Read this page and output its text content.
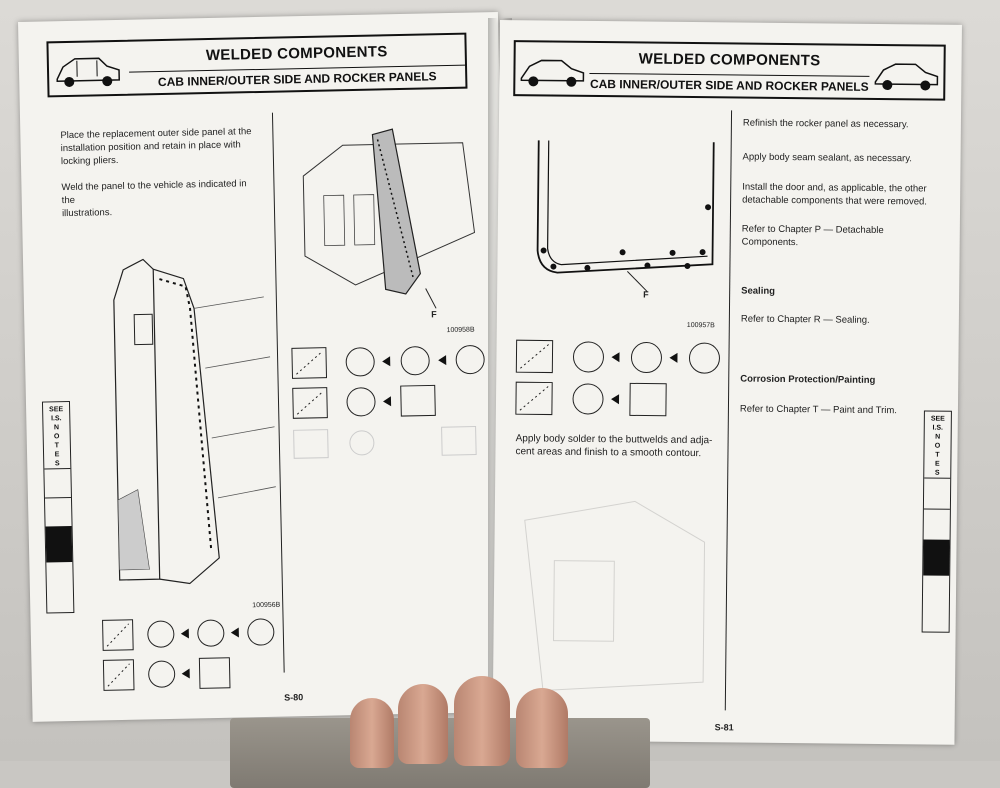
WELDED COMPONENTS
CAB INNER/OUTER SIDE AND ROCKER PANELS
Place the replacement outer side panel at the
installation position and retain in place with
locking pliers.
Weld the panel to the vehicle as indicated in the
illustrations.
100956B
F
100958B
SEE
I.S.
N
O
T
E
S
S-80
WELDED COMPONENTS
CAB INNER/OUTER SIDE AND ROCKER PANELS
F
100957B
Apply body solder to the buttwelds and adja-
cent areas and finish to a smooth contour.
Refinish the rocker panel as necessary.
Apply body seam sealant, as necessary.
Install the door and, as applicable, the other
detachable components that were removed.
Refer to Chapter P — Detachable Components.
Sealing
Refer to Chapter R — Sealing.
Corrosion Protection/Painting
Refer to Chapter T — Paint and Trim.
SEE
I.S.
N
O
T
E
S
S-81
